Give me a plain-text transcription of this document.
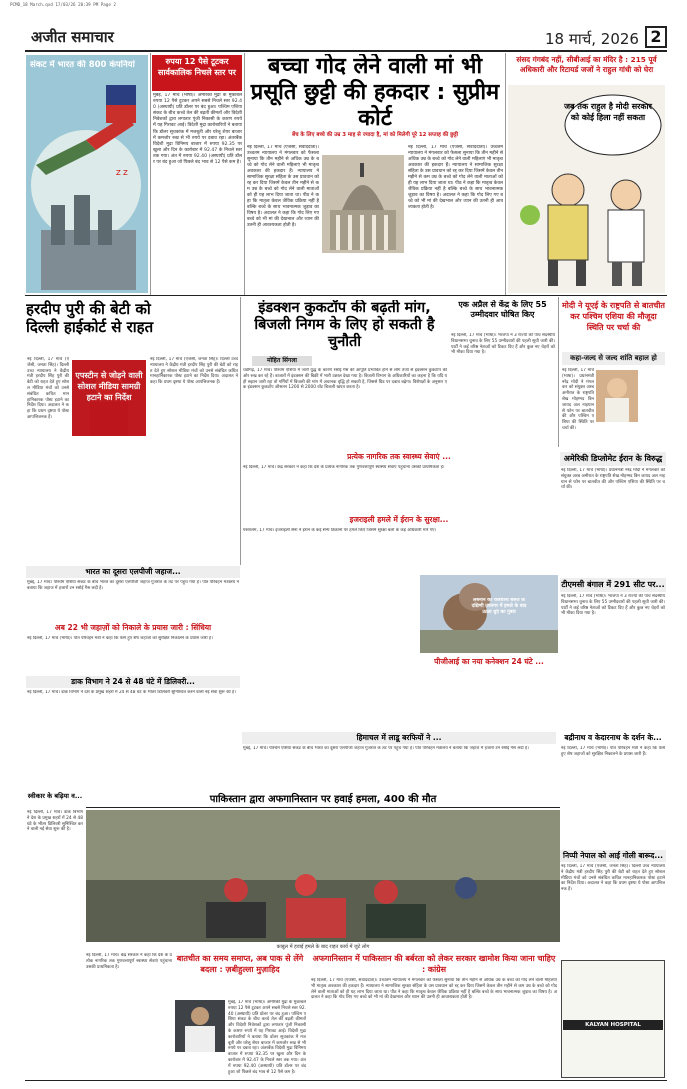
PCMD_18 March.qxd 17/03/26 20:39 PM Page 2
अजीत समाचार	18 मार्च, 2026 2
Z Z
संकट में भारत की 800 कंपनियां	रुपया 12 पैसे टूटकर सार्वकालिक निचले स्तर पर
मुंबई, 17 मार्च (भाषा)। अमेरिकी मुद्रा के मुकाबले रुपया 12 पैसे टूटकर अपने सबसे निचले स्तर 92.40 (अस्थायी) प्रति डॉलर पर बंद हुआ। पश्चिम एशिया संकट के बीच कच्चे तेल की बढ़ती कीमतों और विदेशी निवेशकों द्वारा लगातार पूंजी निकासी के कारण रुपये में यह गिरावट आई। विदेशी मुद्रा कारोबारियों ने बताया कि डॉलर सूचकांक में मजबूती और घरेलू शेयर बाजार में कमजोर रुख से भी रुपये पर दबाव रहा। अंतरबैंक विदेशी मुद्रा विनिमय बाजार में रुपया 92.35 पर खुला और दिन के कारोबार में 92.47 के निचले स्तर तक गया। अंत में रुपया 92.40 (अस्थायी) प्रति डॉलर पर बंद हुआ जो पिछले बंद भाव से 12 पैसे कम है।
बच्चा गोद लेने वाली मां भी प्रसूति छुट्टी की हकदार : सुप्रीम कोर्ट
बेंच के लिए बच्चे की उम्र 3 माह से ज्यादा है, मां को मिलेगी पूरे 12 सप्ताह की छुट्टी
नई दिल्ली, 17 मार्च (एजेंसी, संवाददाता)। उच्चतम न्यायालय ने मंगलवार को फैसला सुनाया कि तीन महीने से अधिक उम्र के बच्चे को गोद लेने वाली महिलाएं भी मातृत्व अवकाश की हकदार हैं। न्यायालय ने सामाजिक सुरक्षा संहिता के उस प्रावधान को रद्द कर दिया जिसमें केवल तीन महीने से कम उम्र के बच्चे को गोद लेने वाली माताओं को ही यह लाभ दिया जाता था। पीठ ने कहा कि मातृत्व केवल जैविक प्रक्रिया नहीं है बल्कि बच्चे के साथ भावनात्मक जुड़ाव का विषय है। अदालत ने कहा कि गोद लिए गए बच्चे को भी मां की देखभाल और ध्यान की उतनी ही आवश्यकता होती है।
नई दिल्ली, 17 मार्च (एजेंसी, संवाददाता)। उच्चतम न्यायालय ने मंगलवार को फैसला सुनाया कि तीन महीने से अधिक उम्र के बच्चे को गोद लेने वाली महिलाएं भी मातृत्व अवकाश की हकदार हैं। न्यायालय ने सामाजिक सुरक्षा संहिता के उस प्रावधान को रद्द कर दिया जिसमें केवल तीन महीने से कम उम्र के बच्चे को गोद लेने वाली माताओं को ही यह लाभ दिया जाता था। पीठ ने कहा कि मातृत्व केवल जैविक प्रक्रिया नहीं है बल्कि बच्चे के साथ भावनात्मक जुड़ाव का विषय है। अदालत ने कहा कि गोद लिए गए बच्चे को भी मां की देखभाल और ध्यान की उतनी ही आवश्यकता होती है।
संसद गंगबंद नहीं, सीबीआई का मंदिर है : 215 पूर्व अधिकारी और रिटायर्ड जजों ने राहुल गांधी को घेरा
जब तक राहुल है मोदी सरकार को कोई हिला नहीं सकता
हरदीप पुरी की बेटी को दिल्ली हाईकोर्ट से राहत
नई दिल्ली, 17 मार्च (एजेंसी, जनता सिंह)। दिल्ली उच्च न्यायालय ने केंद्रीय मंत्री हरदीप सिंह पुरी की बेटी को राहत देते हुए सोशल मीडिया मंचों को उनसे संबंधित कथित मानहानिकारक पोस्ट हटाने का निर्देश दिया। अदालत ने कहा कि प्रथम दृष्टया ये पोस्ट आपत्तिजनक हैं।
एपस्टीन से जोड़ने वाली सोशल मीडिया सामग्री हटाने का निर्देश
नई दिल्ली, 17 मार्च (एजेंसी, जनता सिंह)। दिल्ली उच्च न्यायालय ने केंद्रीय मंत्री हरदीप सिंह पुरी की बेटी को राहत देते हुए सोशल मीडिया मंचों को उनसे संबंधित कथित मानहानिकारक पोस्ट हटाने का निर्देश दिया। अदालत ने कहा कि प्रथम दृष्टया ये पोस्ट आपत्तिजनक हैं।
इंडक्शन कुकटॉप की बढ़ती मांग, बिजली निगम के लिए हो सकती है चुनौती
मोहित सिंगला
चंडीगढ़, 17 मार्च। पश्चिम एशिया में जारी युद्ध के कारण रसोई गैस की आपूर्ति प्रभावित होने से लोग तेजी से इंडक्शन कुकटॉप की ओर रुख कर रहे हैं। बाजारों में इंडक्शन की बिक्री में भारी उछाल देखा गया है। बिजली विभाग के अधिकारियों का कहना है कि यदि यही रुझान जारी रहा तो गर्मियों में बिजली की मांग में अचानक वृद्धि हो सकती है, जिससे ग्रिड पर दबाव बढ़ेगा। विशेषज्ञों के अनुसार एक इंडक्शन कुकटॉप औसतन 1200 से 2000 वॉट बिजली खपत करता है।
एक अप्रैल से केंद्र के लिए 55 उम्मीदवार घोषित किए
नई दिल्ली, 17 मार्च (भाषा)। भाजपा ने 3 राज्यों की पांच सदस्यीय विधानसभा चुनाव के लिए 55 उम्मीदवारों की पहली सूची जारी की। पार्टी ने कई वरिष्ठ नेताओं को टिकट दिए हैं और कुछ नए चेहरों को भी मौका दिया गया है।
मोदी ने यूएई के राष्ट्रपति से बातचीत कर पश्चिम एशिया की मौजूदा स्थिति पर चर्चा की
कहा-जल्द से जल्द शांति बहाल हो
नई दिल्ली, 17 मार्च (भाषा)। प्रधानमंत्री नरेंद्र मोदी ने मंगलवार को संयुक्त अरब अमीरात के राष्ट्रपति शेख मोहम्मद बिन जायद अल नाहयान से फोन पर बातचीत की और पश्चिम एशिया की स्थिति पर चर्चा की।
अमेरिकी डिप्लोमेट ईरान के विरुद्ध
नई दिल्ली, 17 मार्च (भाषा)। प्रधानमंत्री नरेंद्र मोदी ने मंगलवार को संयुक्त अरब अमीरात के राष्ट्रपति शेख मोहम्मद बिन जायद अल नाहयान से फोन पर बातचीत की और पश्चिम एशिया की स्थिति पर चर्चा की।
टीएमसी बंगाल में 291 सीट पर...
नई दिल्ली, 17 मार्च (भाषा)। भाजपा ने 3 राज्यों की पांच सदस्यीय विधानसभा चुनाव के लिए 55 उम्मीदवारों की पहली सूची जारी की। पार्टी ने कई वरिष्ठ नेताओं को टिकट दिए हैं और कुछ नए चेहरों को भी मौका दिया गया है।
प्रत्येक नागरिक तक स्वास्थ्य सेवाएं ...
नई दिल्ली, 17 मार्च। केंद्र सरकार ने कहा कि देश के प्रत्येक नागरिक तक गुणवत्तापूर्ण स्वास्थ्य सेवाएं पहुंचाना उसकी प्राथमिकता है।
भारत का दूसरा एलपीजी जहाज...
मुंबई, 17 मार्च। पश्चिम एशिया संकट के बीच भारत का दूसरा एलपीजी जहाज गुजरात के तट पर पहुंच गया है। पोत परिवहन मंत्रालय ने बताया कि जहाज में हजारों टन रसोई गैस लदी है।
अब 22 भी जहाज़ों को निकाले के प्रयास जारी : सिंधिया
नई दिल्ली, 17 मार्च (भाषा)। पोत परिवहन मंत्री ने कहा कि फंसे हुए शेष जहाजों को सुरक्षित निकालने के प्रयास जारी हैं।
डाक विभाग ने 24 से 48 घंटे में डिलिवरी...
नई दिल्ली, 17 मार्च। डाक विभाग ने देश के प्रमुख शहरों में 24 से 48 घंटे के भीतर डिलिवरी सुनिश्चित करने वाली नई सेवा शुरू की है।
इजराइली हमले में ईरान के सुरक्षा...
यरुशलम, 17 मार्च। इजराइली सेना ने ईरान के कई सैन्य ठिकानों पर हमले किए जिसमें सुरक्षा बलों के कई अधिकारी मारे गए।
लेबनान की राजधानी बेरूत के दक्षिणी उपनगर में हमले के बाद उठता धुएं का गुबार
पीजीआई का नया कनेक्शन 24 घंटे ...
हिमाचल में लाडू बरफियों ने ...
मुंबई, 17 मार्च। पश्चिम एशिया संकट के बीच भारत का दूसरा एलपीजी जहाज गुजरात के तट पर पहुंच गया है। पोत परिवहन मंत्रालय ने बताया कि जहाज में हजारों टन रसोई गैस लदी है।
बद्रीनाथ व केदारनाथ के दर्शन के...
नई दिल्ली, 17 मार्च (भाषा)। पोत परिवहन मंत्री ने कहा कि फंसे हुए शेष जहाजों को सुरक्षित निकालने के प्रयास जारी हैं।
पाकिस्तान द्वारा अफगानिस्तान पर हवाई हमला, 400 की मौत
स्वीकार के बढ़िया व...
नई दिल्ली, 17 मार्च। डाक विभाग ने देश के प्रमुख शहरों में 24 से 48 घंटे के भीतर डिलिवरी सुनिश्चित करने वाली नई सेवा शुरू की है।
काबुल में हवाई हमले के बाद राहत कार्य में जुटे लोग
नई दिल्ली, 17 मार्च। केंद्र सरकार ने कहा कि देश के प्रत्येक नागरिक तक गुणवत्तापूर्ण स्वास्थ्य सेवाएं पहुंचाना उसकी प्राथमिकता है।
बातचीत का समय समाप्त, अब पाक से लेंगे बदला : ज़बीहुल्ला मुज़ाहिद
मुंबई, 17 मार्च (भाषा)। अमेरिकी मुद्रा के मुकाबले रुपया 12 पैसे टूटकर अपने सबसे निचले स्तर 92.40 (अस्थायी) प्रति डॉलर पर बंद हुआ। पश्चिम एशिया संकट के बीच कच्चे तेल की बढ़ती कीमतों और विदेशी निवेशकों द्वारा लगातार पूंजी निकासी के कारण रुपये में यह गिरावट आई। विदेशी मुद्रा कारोबारियों ने बताया कि डॉलर सूचकांक में मजबूती और घरेलू शेयर बाजार में कमजोर रुख से भी रुपये पर दबाव रहा। अंतरबैंक विदेशी मुद्रा विनिमय बाजार में रुपया 92.35 पर खुला और दिन के कारोबार में 92.47 के निचले स्तर तक गया। अंत में रुपया 92.40 (अस्थायी) प्रति डॉलर पर बंद हुआ जो पिछले बंद भाव से 12 पैसे कम है।
अफगानिस्तान में पाकिस्तान की बर्बरता को लेकर सरकार खामोश किया जाना चाहिए : कांग्रेस
नई दिल्ली, 17 मार्च (एजेंसी, संवाददाता)। उच्चतम न्यायालय ने मंगलवार को फैसला सुनाया कि तीन महीने से अधिक उम्र के बच्चे को गोद लेने वाली महिलाएं भी मातृत्व अवकाश की हकदार हैं। न्यायालय ने सामाजिक सुरक्षा संहिता के उस प्रावधान को रद्द कर दिया जिसमें केवल तीन महीने से कम उम्र के बच्चे को गोद लेने वाली माताओं को ही यह लाभ दिया जाता था। पीठ ने कहा कि मातृत्व केवल जैविक प्रक्रिया नहीं है बल्कि बच्चे के साथ भावनात्मक जुड़ाव का विषय है। अदालत ने कहा कि गोद लिए गए बच्चे को भी मां की देखभाल और ध्यान की उतनी ही आवश्यकता होती है।
निप्पी नेपाल को आई गोली बारूद...
नई दिल्ली, 17 मार्च (एजेंसी, जनता सिंह)। दिल्ली उच्च न्यायालय ने केंद्रीय मंत्री हरदीप सिंह पुरी की बेटी को राहत देते हुए सोशल मीडिया मंचों को उनसे संबंधित कथित मानहानिकारक पोस्ट हटाने का निर्देश दिया। अदालत ने कहा कि प्रथम दृष्टया ये पोस्ट आपत्तिजनक हैं।
KALYAN HOSPITAL
